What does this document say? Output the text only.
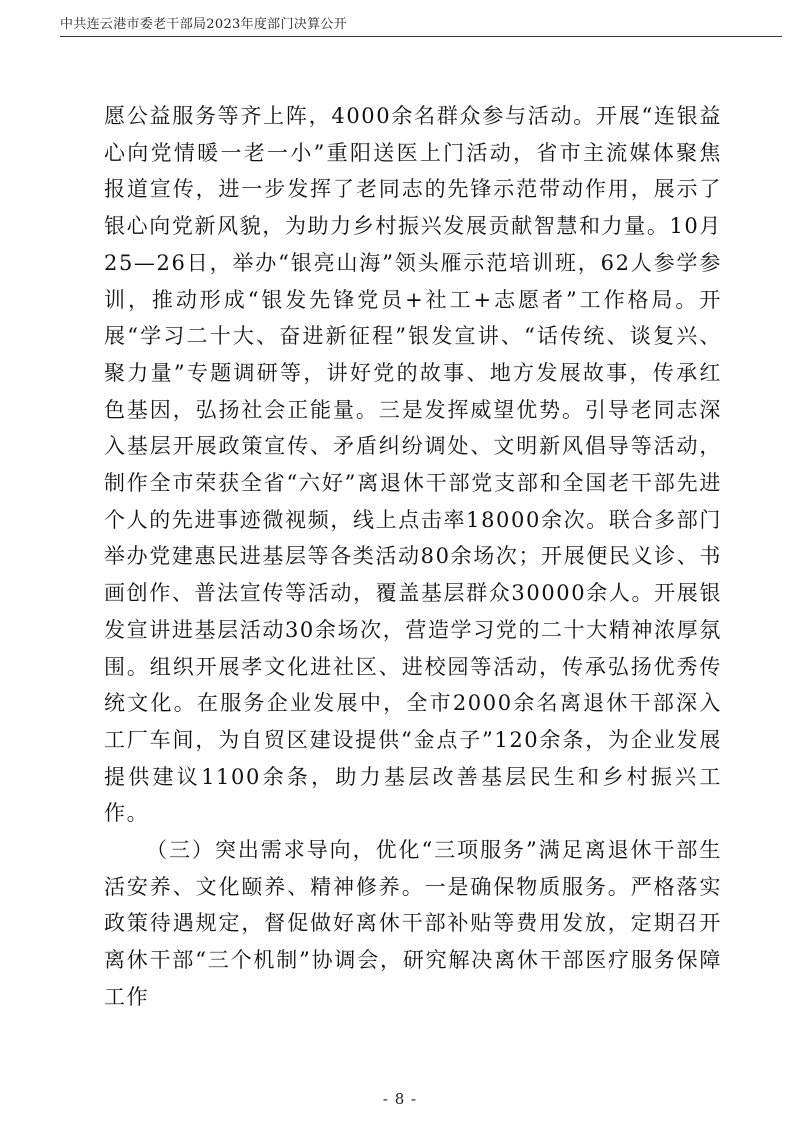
中共连云港市委老干部局2023年度部门决算公开

愿公益服务等齐上阵，4000余名群众参与活动。开展“连银益心向党情暖一老一小”重阳送医上门活动，省市主流媒体聚焦报道宣传，进一步发挥了老同志的先锋示范带动作用，展示了银心向党新风貌，为助力乡村振兴发展贡献智慧和力量。10月25—26日，举办“银亮山海”领头雁示范培训班，62人参学参训，推动形成“银发先锋党员+社工+志愿者”工作格局。开展“学习二十大、奋进新征程”银发宣讲、“话传统、谈复兴、聚力量”专题调研等，讲好党的故事、地方发展故事，传承红色基因，弘扬社会正能量。三是发挥威望优势。引导老同志深入基层开展政策宣传、矛盾纠纷调处、文明新风倡导等活动，制作全市荣获全省“六好”离退休干部党支部和全国老干部先进个人的先进事迹微视频，线上点击率18000余次。联合多部门举办党建惠民进基层等各类活动80余场次；开展便民义诊、书画创作、普法宣传等活动，覆盖基层群众30000余人。开展银发宣讲进基层活动30余场次，营造学习党的二十大精神浓厚氛围。组织开展孝文化进社区、进校园等活动，传承弘扬优秀传统文化。在服务企业发展中，全市2000余名离退休干部深入工厂车间，为自贸区建设提供“金点子”120余条，为企业发展提供建议1100余条，助力基层改善基层民生和乡村振兴工作。

（三）突出需求导向，优化“三项服务”满足离退休干部生活安养、文化颐养、精神修养。一是确保物质服务。严格落实政策待遇规定，督促做好离休干部补贴等费用发放，定期召开离休干部“三个机制”协调会，研究解决离休干部医疗服务保障工作

- 8 -
